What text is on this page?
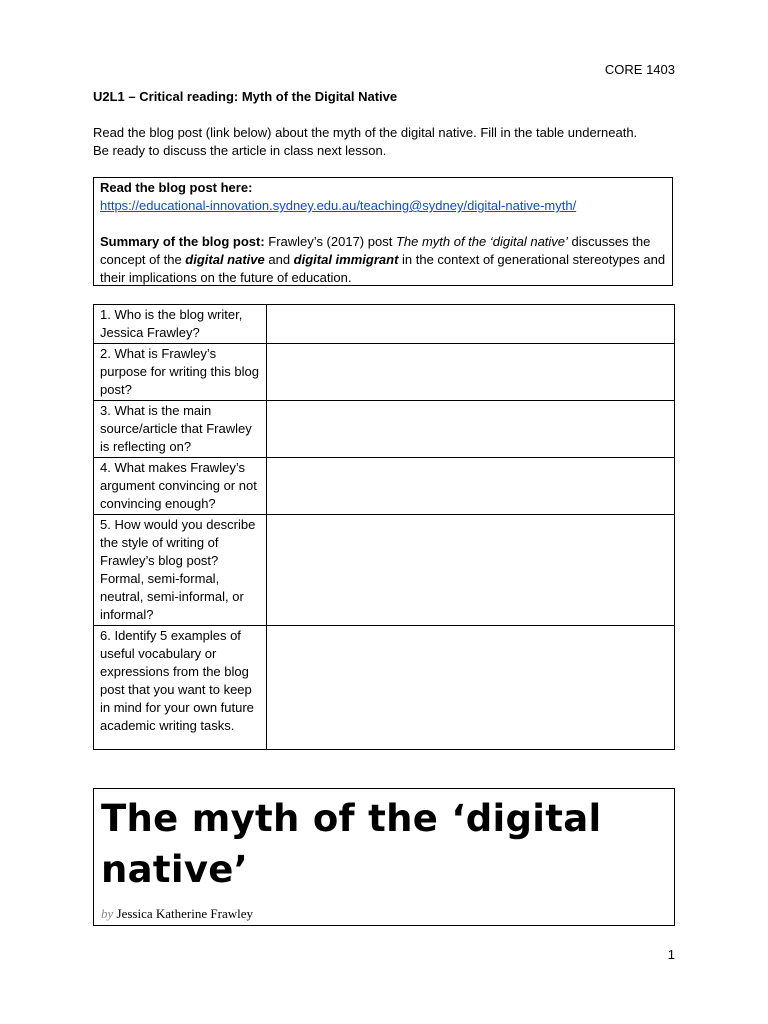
CORE 1403
U2L1 – Critical reading: Myth of the Digital Native
Read the blog post (link below) about the myth of the digital native. Fill in the table underneath. Be ready to discuss the article in class next lesson.
Read the blog post here:
https://educational-innovation.sydney.edu.au/teaching@sydney/digital-native-myth/
Summary of the blog post: Frawley’s (2017) post The myth of the ‘digital native’ discusses the concept of the digital native and digital immigrant in the context of generational stereotypes and their implications on the future of education.
1. Who is the blog writer, Jessica Frawley?	
2. What is Frawley’s purpose for writing this blog post?	
3. What is the main source/article that Frawley is reflecting on?	
4. What makes Frawley’s argument convincing or not convincing enough?	
5. How would you describe the style of writing of Frawley’s blog post? Formal, semi-formal, neutral, semi-informal, or informal?	
6. Identify 5 examples of useful vocabulary or expressions from the blog post that you want to keep in mind for your own future academic writing tasks.	
The myth of the ‘digital native’
by Jessica Katherine Frawley
1
